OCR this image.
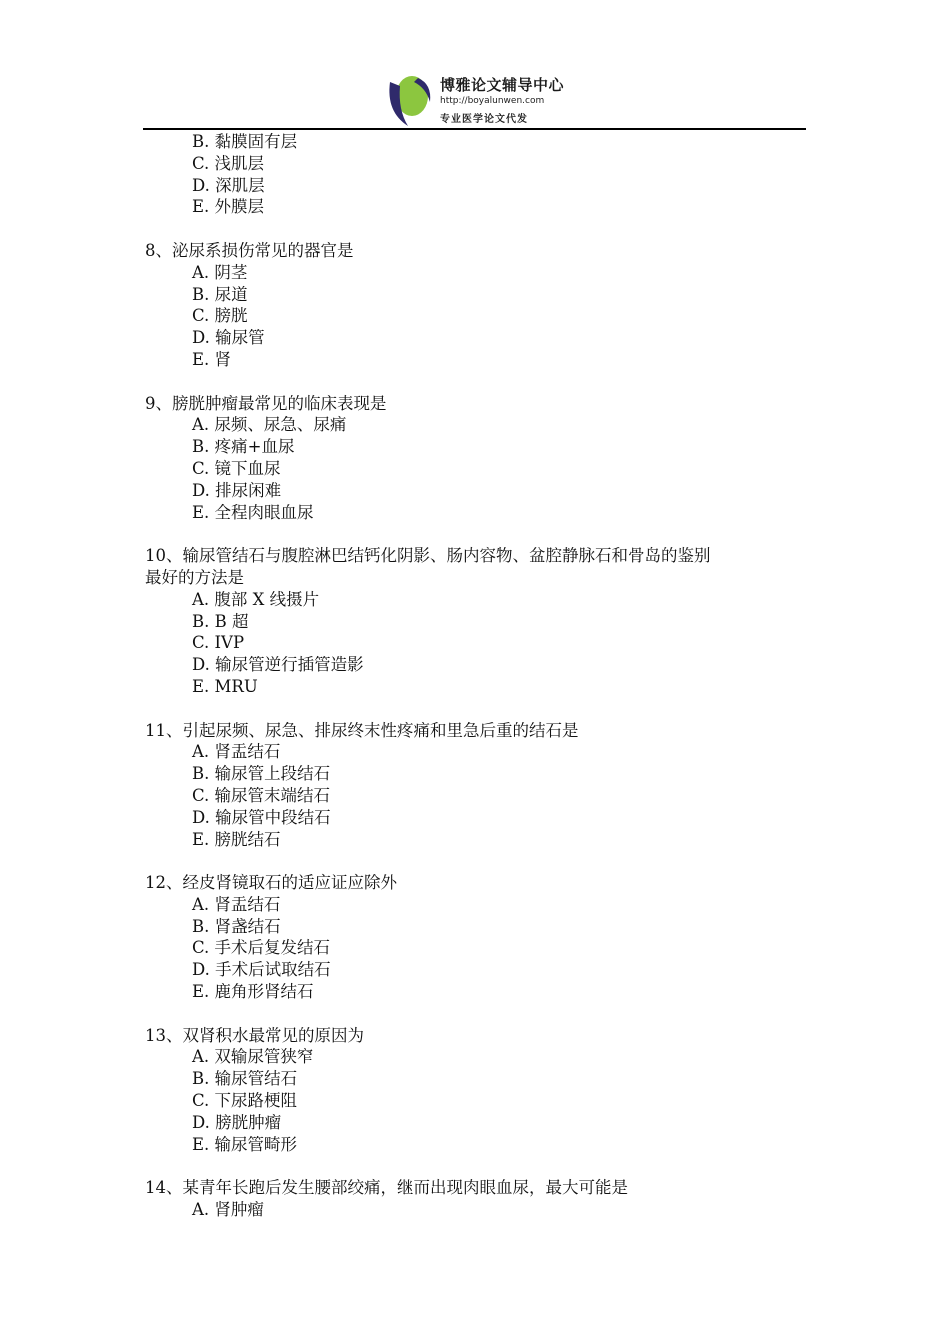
博雅论文辅导中心
http://boyalunwen.com
专业医学论文代发
B. 黏膜固有层
C. 浅肌层
D. 深肌层
E. 外膜层
8、泌尿系损伤常见的器官是
A. 阴茎
B. 尿道
C. 膀胱
D. 输尿管
E. 肾
9、膀胱肿瘤最常见的临床表现是
A. 尿频、尿急、尿痛
B. 疼痛+血尿
C. 镜下血尿
D. 排尿闲难
E. 全程肉眼血尿
10、输尿管结石与腹腔淋巴结钙化阴影、肠内容物、盆腔静脉石和骨岛的鉴别
最好的方法是
A. 腹部 X 线摄片
B. B 超
C. IVP
D. 输尿管逆行插管造影
E. MRU
11、引起尿频、尿急、排尿终末性疼痛和里急后重的结石是
A. 肾盂结石
B. 输尿管上段结石
C. 输尿管末端结石
D. 输尿管中段结石
E. 膀胱结石
12、经皮肾镜取石的适应证应除外
A. 肾盂结石
B. 肾盏结石
C. 手术后复发结石
D. 手术后试取结石
E. 鹿角形肾结石
13、双肾积水最常见的原因为
A. 双输尿管狭窄
B. 输尿管结石
C. 下尿路梗阻
D. 膀胱肿瘤
E. 输尿管畸形
14、某青年长跑后发生腰部绞痛，继而出现肉眼血尿，最大可能是
A. 肾肿瘤
